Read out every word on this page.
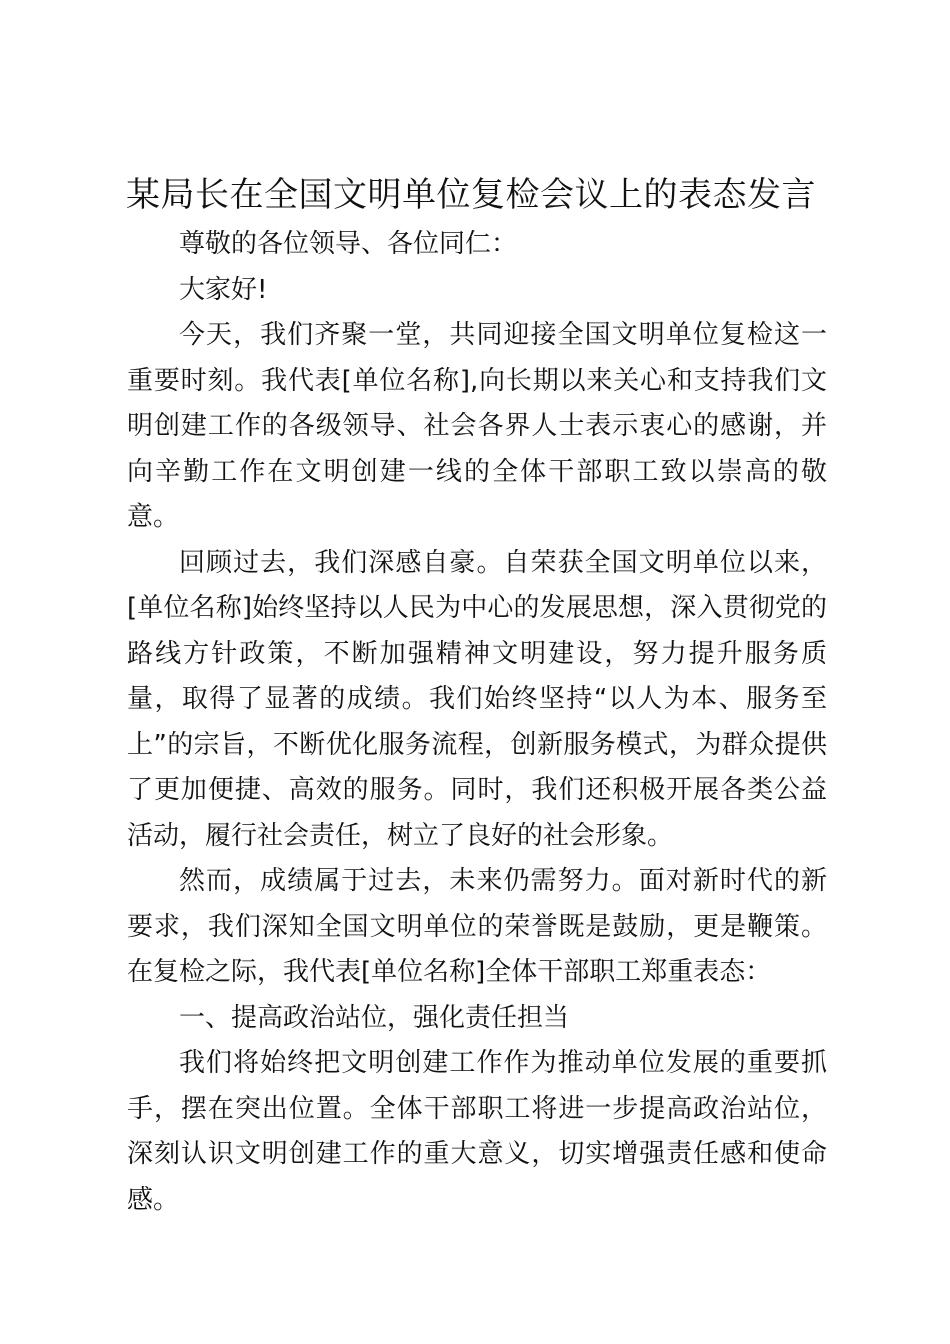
某局长在全国文明单位复检会议上的表态发言

尊敬的各位领导、各位同仁：

大家好!

今天，我们齐聚一堂，共同迎接全国文明单位复检这一重要时刻。我代表[单位名称],向长期以来关心和支持我们文明创建工作的各级领导、社会各界人士表示衷心的感谢，并向辛勤工作在文明创建一线的全体干部职工致以崇高的敬意。

回顾过去，我们深感自豪。自荣获全国文明单位以来，[单位名称]始终坚持以人民为中心的发展思想，深入贯彻党的路线方针政策，不断加强精神文明建设，努力提升服务质量，取得了显著的成绩。我们始终坚持“以人为本、服务至上”的宗旨，不断优化服务流程，创新服务模式，为群众提供了更加便捷、高效的服务。同时，我们还积极开展各类公益活动，履行社会责任，树立了良好的社会形象。

然而，成绩属于过去，未来仍需努力。面对新时代的新要求，我们深知全国文明单位的荣誉既是鼓励，更是鞭策。在复检之际，我代表[单位名称]全体干部职工郑重表态：

一、提高政治站位，强化责任担当

我们将始终把文明创建工作作为推动单位发展的重要抓手，摆在突出位置。全体干部职工将进一步提高政治站位，深刻认识文明创建工作的重大意义，切实增强责任感和使命感。
